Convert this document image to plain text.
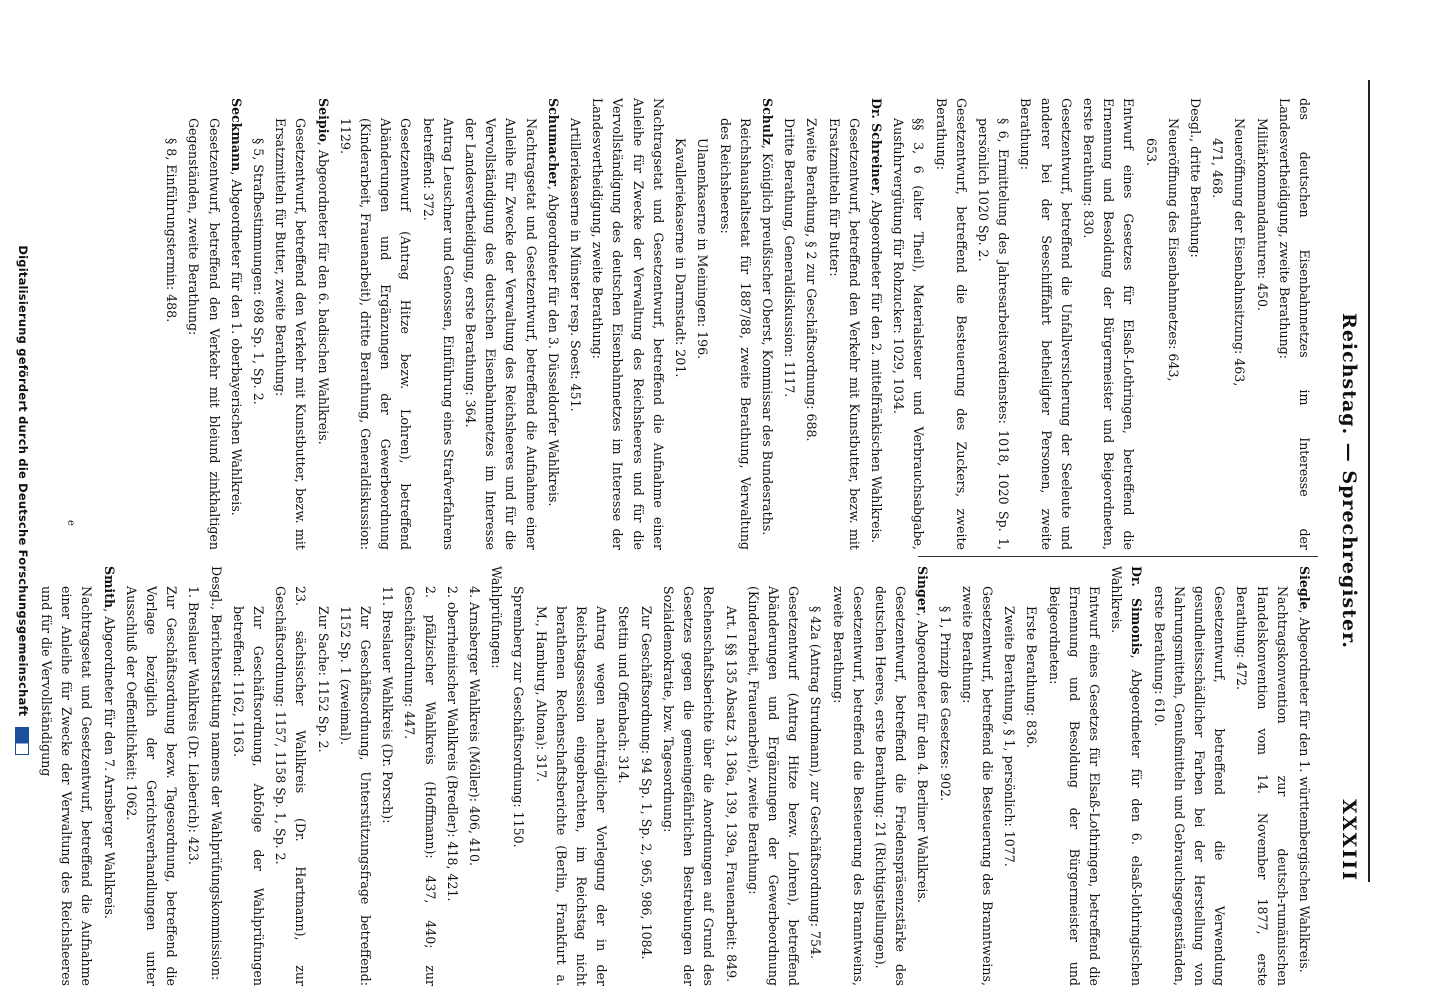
Reichstag. — Sprechregister.
XXXIII
des deutschen Eisenbahnnetzes im Interesse der Landesvertheidigung, zweite Berathung:
Militärkommandanturen: 450.
Neueröffnung der Eisenbahnsitzung: 463,
471, 468.
Desgl., dritte Berathung:
Neueröffnung des Eisenbahnnetzes: 643,
653.
Entwurf eines Gesetzes für Elsaß-Lothringen, betreffend die Ernennung und Besoldung der Bürgermeister und Beigeordneten, erste Berathung: 830.
Gesetzentwurf, betreffend die Unfallversicherung der Seeleute und anderer bei der Seeschifffahrt betheiligter Personen, zweite Berathung:
§ 6, Ermittelung des Jahresarbeitsverdienstes: 1018, 1020 Sp. 1, persönlich 1020 Sp. 2.
Gesetzentwurf, betreffend die Besteuerung des Zuckers, zweite Berathung:
§§ 3, 6 (alter Theil), Materialsteuer und Verbrauchsabgabe, Ausfuhrvergütung für Rohzucker: 1029, 1034.
Dr. Schreiner, Abgeordneter für den 2. mittelfränkischen Wahlkreis.
Gesetzentwurf, betreffend den Verkehr mit Kunstbutter, bezw. mit Ersatzmitteln für Butter:
Zweite Berathung, § 2 zur Geschäftsordnung: 688.
Dritte Berathung, Generaldiskussion: 1117.
Schulz, Königlich preußischer Oberst, Kommissar des Bundesraths.
Reichshaushaltsetat für 1887/88, zweite Berathung, Verwaltung des Reichsheeres:
Ulanenkaserne in Meiningen: 196.
Kavalleriekaserne in Darmstadt: 201.
Nachtragsetat und Gesetzentwurf, betreffend die Aufnahme einer Anleihe für Zwecke der Verwaltung des Reichsheeres und für die Vervollständigung des deutschen Eisenbahnnetzes im Interesse der Landesvertheidigung, zweite Berathung:
Artilleriekaserne in Münster resp. Soest: 451.
Schumacher, Abgeordneter für den 3. Düsseldorfer Wahlkreis.
Nachtragsetat und Gesetzentwurf, betreffend die Aufnahme einer Anleihe für Zwecke der Verwaltung des Reichsheeres und für die Vervollständigung des deutschen Eisenbahnnetzes im Interesse der Landesvertheidigung, erste Berathung: 364.
Antrag Leuschner und Genossen, Einführung eines Strafverfahrens betreffend: 372.
Gesetzentwurf (Antrag Hitze bezw. Lohren), betreffend Abänderungen und Ergänzungen der Gewerbeordnung (Kinderarbeit, Frauenarbeit), dritte Berathung, Generaldiskussion: 1129.
Seipio, Abgeordneter für den 6. badischen Wahlkreis.
Gesetzentwurf, betreffend den Verkehr mit Kunstbutter, bezw. mit Ersatzmitteln für Butter, zweite Berathung:
§ 5, Strafbestimmungen: 698 Sp. 1, Sp. 2.
Seckmann, Abgeordneter für den 1. oberbayerischen Wahlkreis.
Gesetzentwurf, betreffend den Verkehr mit bleiund zinkhaltigen Gegenständen, zweite Berathung:
§ 8, Einführungstermin: 488.
Siegle, Abgeordneter für den 1. württembergischen Wahlkreis.
Nachtragskonvention zur deutsch-rumänischen Handelskonvention vom 14. November 1877, erste Berathung: 472.
Gesetzentwurf, betreffend die Verwendung gesundheitsschädlicher Farben bei der Herstellung von Nahrungsmitteln, Genußmitteln und Gebrauchsgegenständen, erste Berathung: 610.
Dr. Simonis, Abgeordneter für den 6. elsaß-lothringischen Wahlkreis.
Entwurf eines Gesetzes für Elsaß-Lothringen, betreffend die Ernennung und Besoldung der Bürgermeister und Beigeordneten:
Erste Berathung: 836.
Zweite Berathung, § 1, persönlich: 1077.
Gesetzentwurf, betreffend die Besteuerung des Branntweins, zweite Berathung:
§ 1, Prinzip des Gesetzes: 902.
Singer, Abgeordneter für den 4. Berliner Wahlkreis.
Gesetzentwurf, betreffend die Friedenspräsenzstärke des deutschen Heeres, erste Berathung: 21 (Richtigstellungen).
Gesetzentwurf, betreffend die Besteuerung des Branntweins, zweite Berathung:
§ 42a (Antrag Strudmann), zur Geschäftsordnung: 754.
Gesetzentwurf (Antrag Hitze bezw. Lohren), betreffend Abänderungen und Ergänzungen der Gewerbeordnung (Kinderarbeit, Frauenarbeit), zweite Berathung:
Art. I §§ 135 Absatz 3, 136a, 139, 139a, Frauenarbeit: 849.
Rechenschaftsberichte über die Anordnungen auf Grund des Gesetzes gegen die gemeingefährlichen Bestrebungen der Sozialdemokratie, bzw. Tagesordnung:
Zur Geschäftsordnung: 94 Sp. 1, Sp. 2, 965, 986, 1084.
Stettin und Offenbach: 314.
Antrag wegen nachträglicher Vorlegung der in der Reichstagssession eingebrachten, im Reichstag nicht berathenen Rechenschaftsberichte (Berlin, Frankfurt a. M., Hamburg, Altona): 317.
Spremberg zur Geschäftsordnung: 1150.
Wahlprüfungen:
4. Arnsberger Wahlkreis (Möller): 406, 410.
2. oberrheinischer Wahlkreis (Bredler): 418, 421.
2. pfälzischer Wahlkreis (Hoffmann): 437, 440; zur Geschäftsordnung: 447.
11. Breslauer Wahlkreis (Dr. Porsch):
Zur Geschäftsordnung, Unterstützungsfrage betreffend: 1152 Sp. 1 (zweimal).
Zur Sache: 1152 Sp. 2.
23. sächsischer Wahlkreis (Dr. Hartmann), zur Geschäftsordnung: 1157, 1158 Sp. 1, Sp. 2.
Zur Geschäftsordnung, Abfolge der Wahlprüfungen betreffend: 1162, 1163.
Desgl., Berichterstattung namens der Wahlprüfungskommission:
1. Breslauer Wahlkreis (Dr. Lieberich): 423.
Zur Geschäftsordnung bezw. Tagesordnung, betreffend die Vorlage bezüglich der Gerichtsverhandlungen unter Ausschluß der Oeffentlichkeit: 1062.
Smith, Abgeordneter für den 7. Arnsberger Wahlkreis.
Nachtragsetat und Gesetzentwurf, betreffend die Aufnahme einer Anleihe für Zwecke der Verwaltung des Reichsheeres und für die Vervollständigung
e
Digitalisierung gefördert durch die Deutsche Forschungsgemeinschaft
